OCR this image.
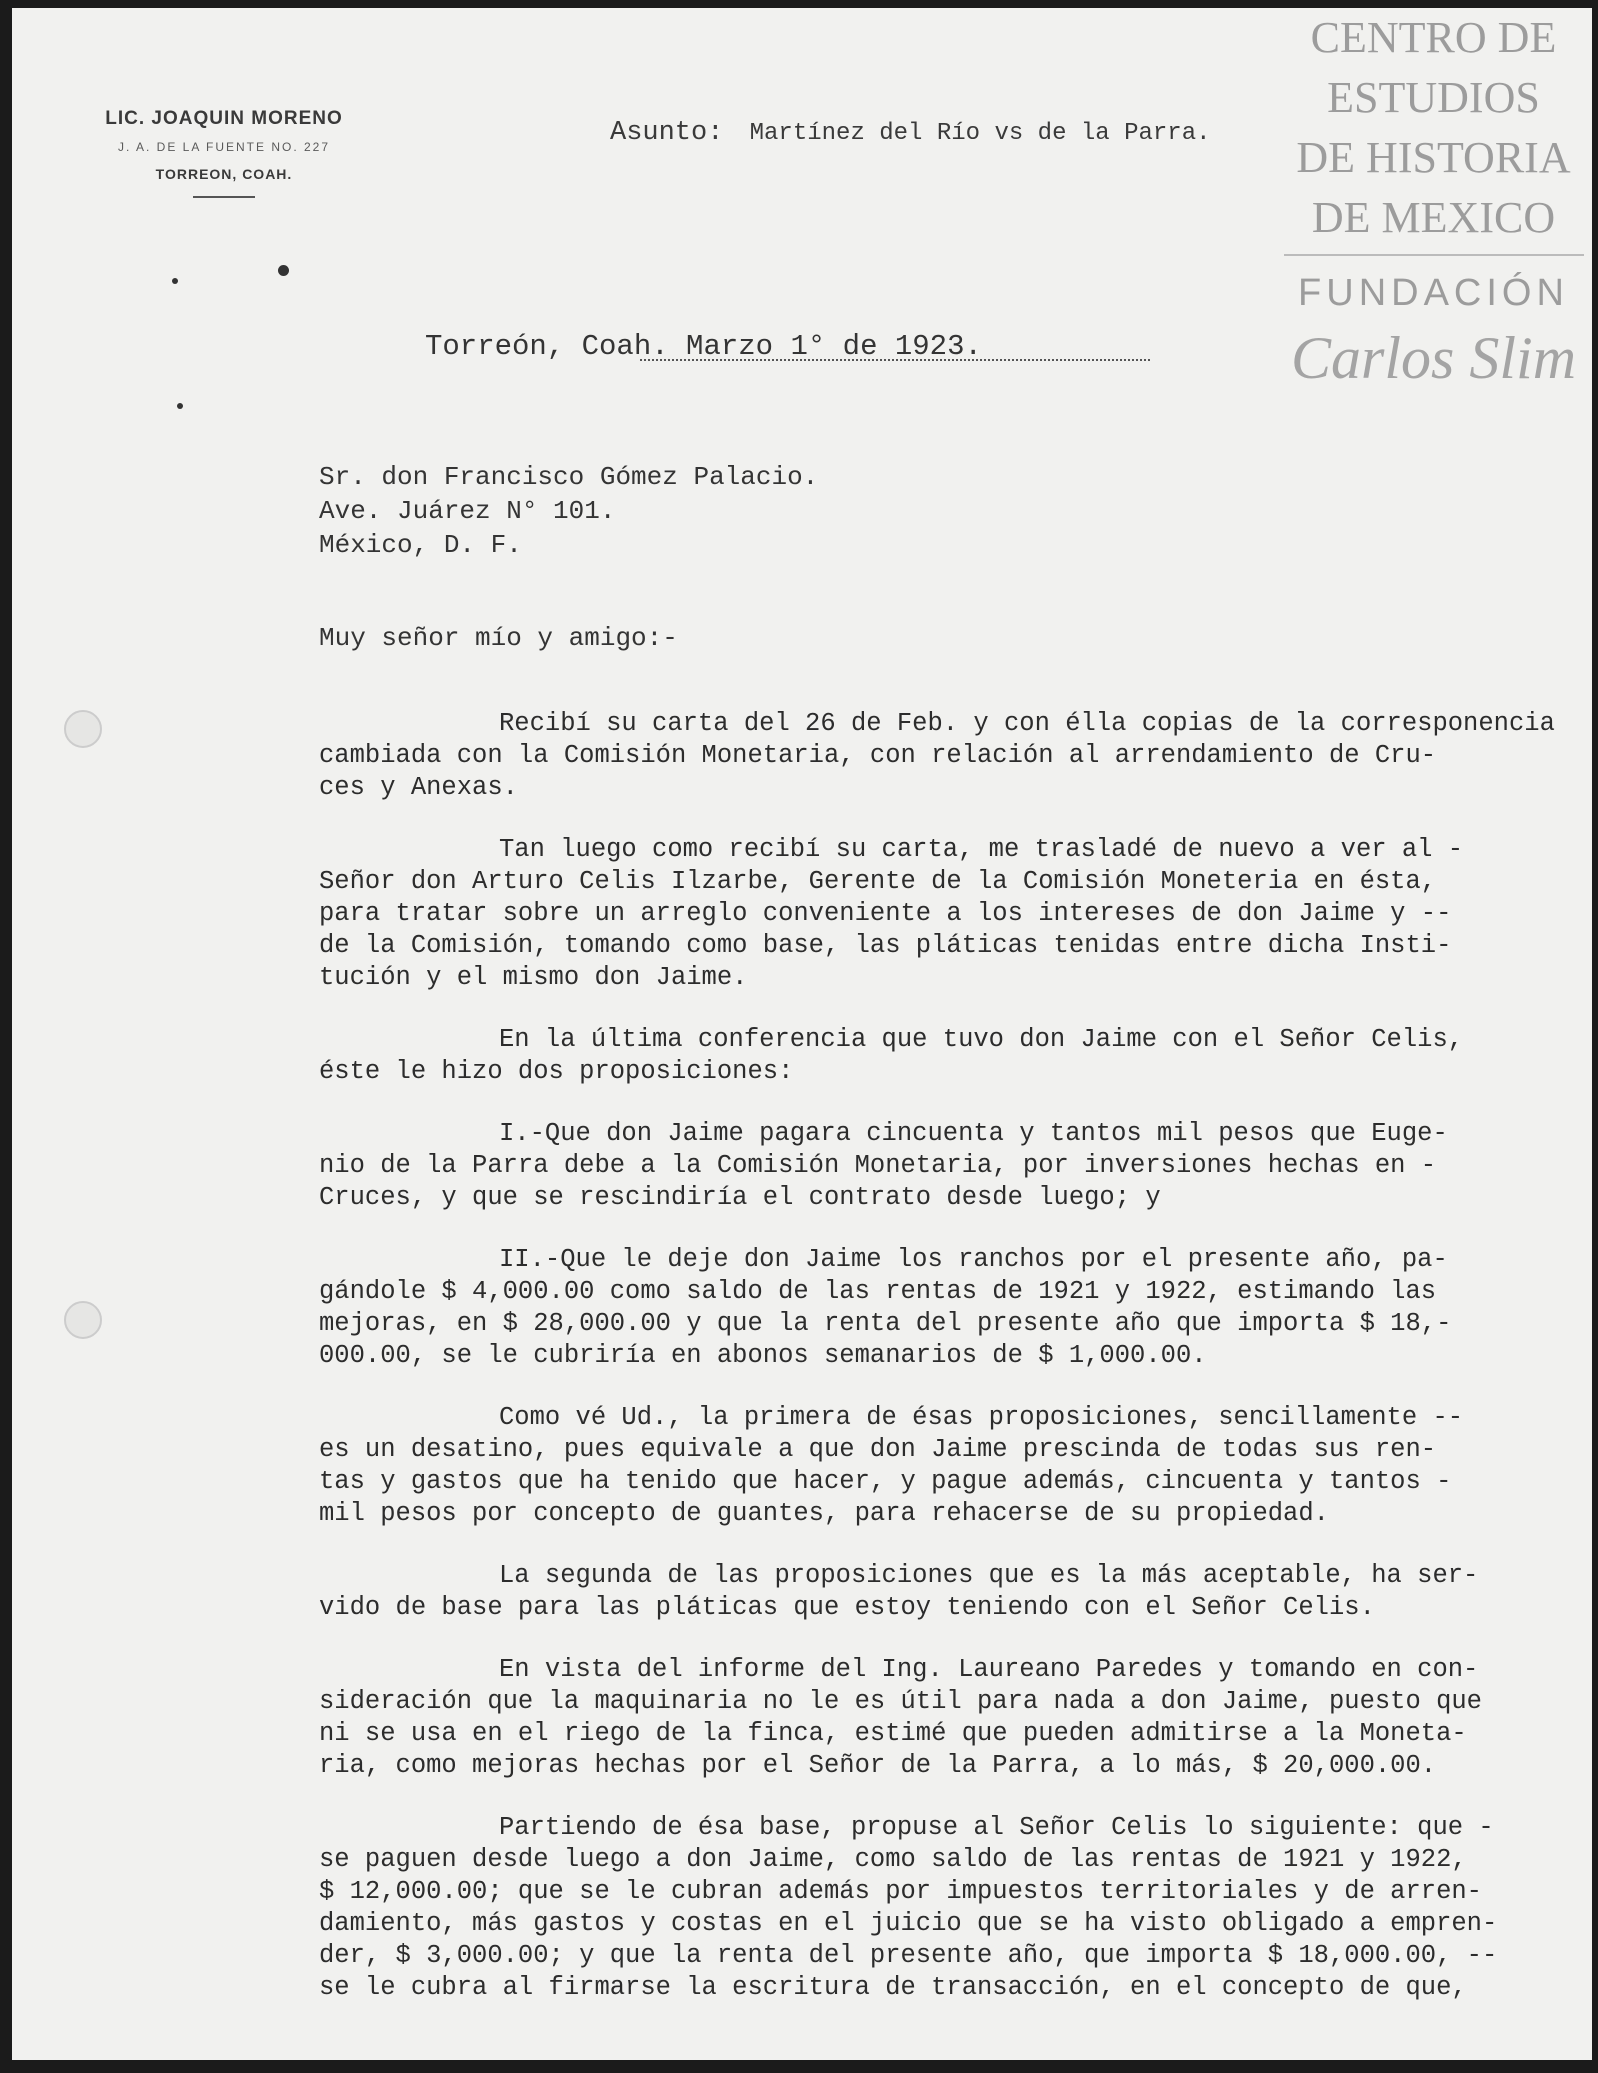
LIC. JOAQUIN MORENO
J. A. DE LA FUENTE NO. 227
TORREON, COAH.
Asunto: Martínez del Río vs de la Parra.
CENTRO DE
ESTUDIOS
DE HISTORIA
DE MEXICO
FUNDACIÓN
Carlos Slim
Torreón, Coah. Marzo 1° de 1923.
Sr. don Francisco Gómez Palacio.
Ave. Juárez N° 101.
México, D. F.
Muy señor mío y amigo:-

Recibí su carta del 26 de Feb. y con élla copias de la corresponencia
cambiada con la Comisión Monetaria, con relación al arrendamiento de Cru-
ces y Anexas.

Tan luego como recibí su carta, me trasladé de nuevo a ver al -
Señor don Arturo Celis Ilzarbe, Gerente de la Comisión Moneteria en ésta,
para tratar sobre un arreglo conveniente a los intereses de don Jaime y --
de la Comisión, tomando como base, las pláticas tenidas entre dicha Insti-
tución y el mismo don Jaime.

En la última conferencia que tuvo don Jaime con el Señor Celis,
éste le hizo dos proposiciones:

I.-Que don Jaime pagara cincuenta y tantos mil pesos que Euge-
nio de la Parra debe a la Comisión Monetaria, por inversiones hechas en -
Cruces, y que se rescindiría el contrato desde luego; y

II.-Que le deje don Jaime los ranchos por el presente año, pa-
gándole $ 4,000.00 como saldo de las rentas de 1921 y 1922, estimando las
mejoras, en $ 28,000.00 y que la renta del presente año que importa $ 18,-
000.00, se le cubriría en abonos semanarios de $ 1,000.00.

Como vé Ud., la primera de ésas proposiciones, sencillamente --
es un desatino, pues equivale a que don Jaime prescinda de todas sus ren-
tas y gastos que ha tenido que hacer, y pague además, cincuenta y tantos -
mil pesos por concepto de guantes, para rehacerse de su propiedad.

La segunda de las proposiciones que es la más aceptable, ha ser-
vido de base para las pláticas que estoy teniendo con el Señor Celis.

En vista del informe del Ing. Laureano Paredes y tomando en con-
sideración que la maquinaria no le es útil para nada a don Jaime, puesto que
ni se usa en el riego de la finca, estimé que pueden admitirse a la Moneta-
ria, como mejoras hechas por el Señor de la Parra, a lo más, $ 20,000.00.

Partiendo de ésa base, propuse al Señor Celis lo siguiente: que -
se paguen desde luego a don Jaime, como saldo de las rentas de 1921 y 1922,
$ 12,000.00; que se le cubran además por impuestos territoriales y de arren-
damiento, más gastos y costas en el juicio que se ha visto obligado a empren-
der, $ 3,000.00; y que la renta del presente año, que importa $ 18,000.00, --
se le cubra al firmarse la escritura de transacción, en el concepto de que,
